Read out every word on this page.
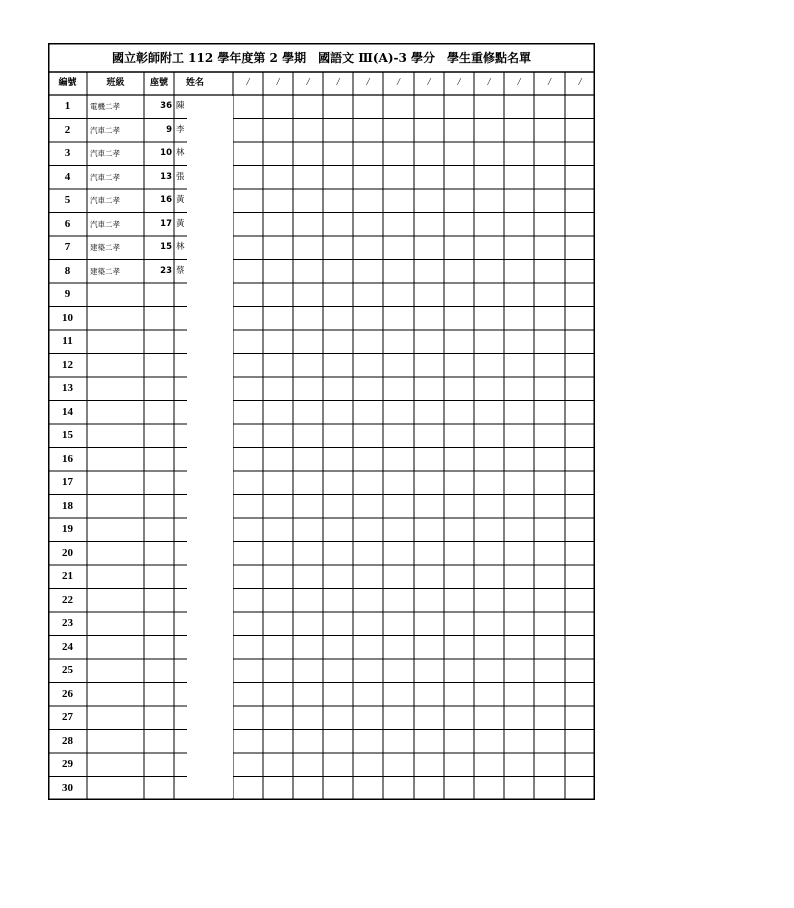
國立彰師附工 112 學年度第 2 學期　國語文 Ⅲ(A)-3 學分　學生重修點名單
編號	班級	座號	姓名	/	/	/	/	/	/	/	/	/	/	/	/
1	電機二孝	36 陳
2	汽車二孝	9 李
3	汽車二孝	10 林
4	汽車二孝	13 張
5	汽車二孝	16 黃
6	汽車二孝	17 黃
7	建築二孝	15 林
8	建築二孝	23 蔡
9
10
11
12
13
14
15
16
17
18
19
20
21
22
23
24
25
26
27
28
29
30
